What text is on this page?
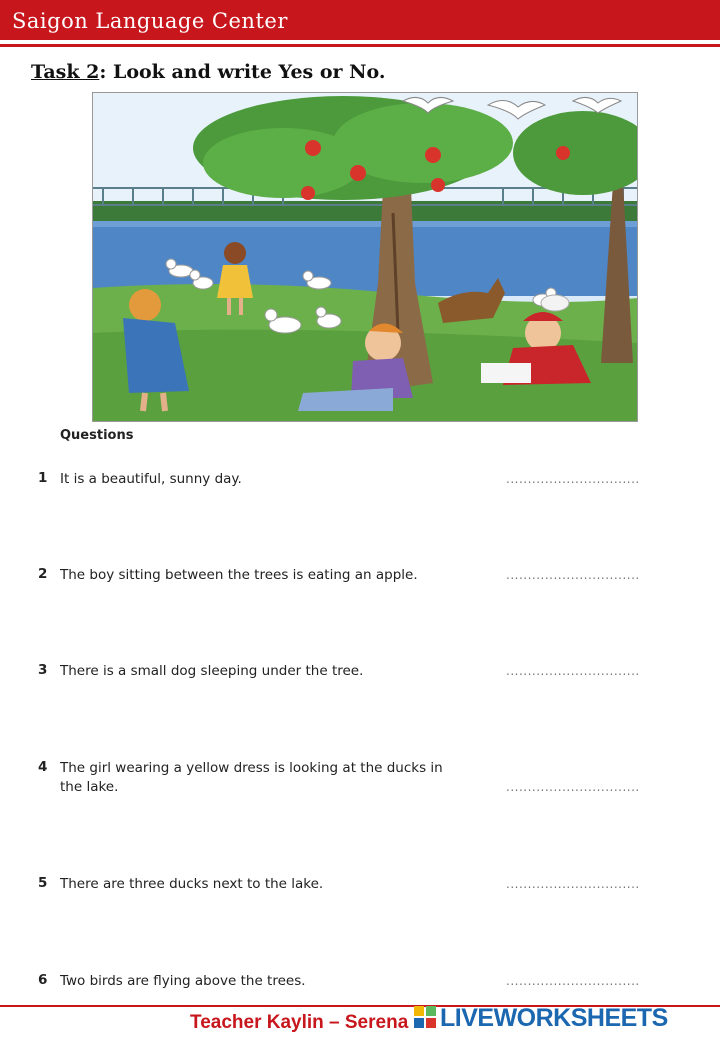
Saigon Language Center
Task 2: Look and write Yes or No.
Questions
1 It is a beautiful, sunny day.
...............................
2 The boy sitting between the trees is eating an apple.
...............................
3 There is a small dog sleeping under the tree.
...............................
4 The girl wearing a yellow dress is looking at the ducks in the lake.
...............................
5 There are three ducks next to the lake.
...............................
6 Two birds are flying above the trees.
...............................
Teacher Kaylin – Serena LIVEWORKSHEETS
